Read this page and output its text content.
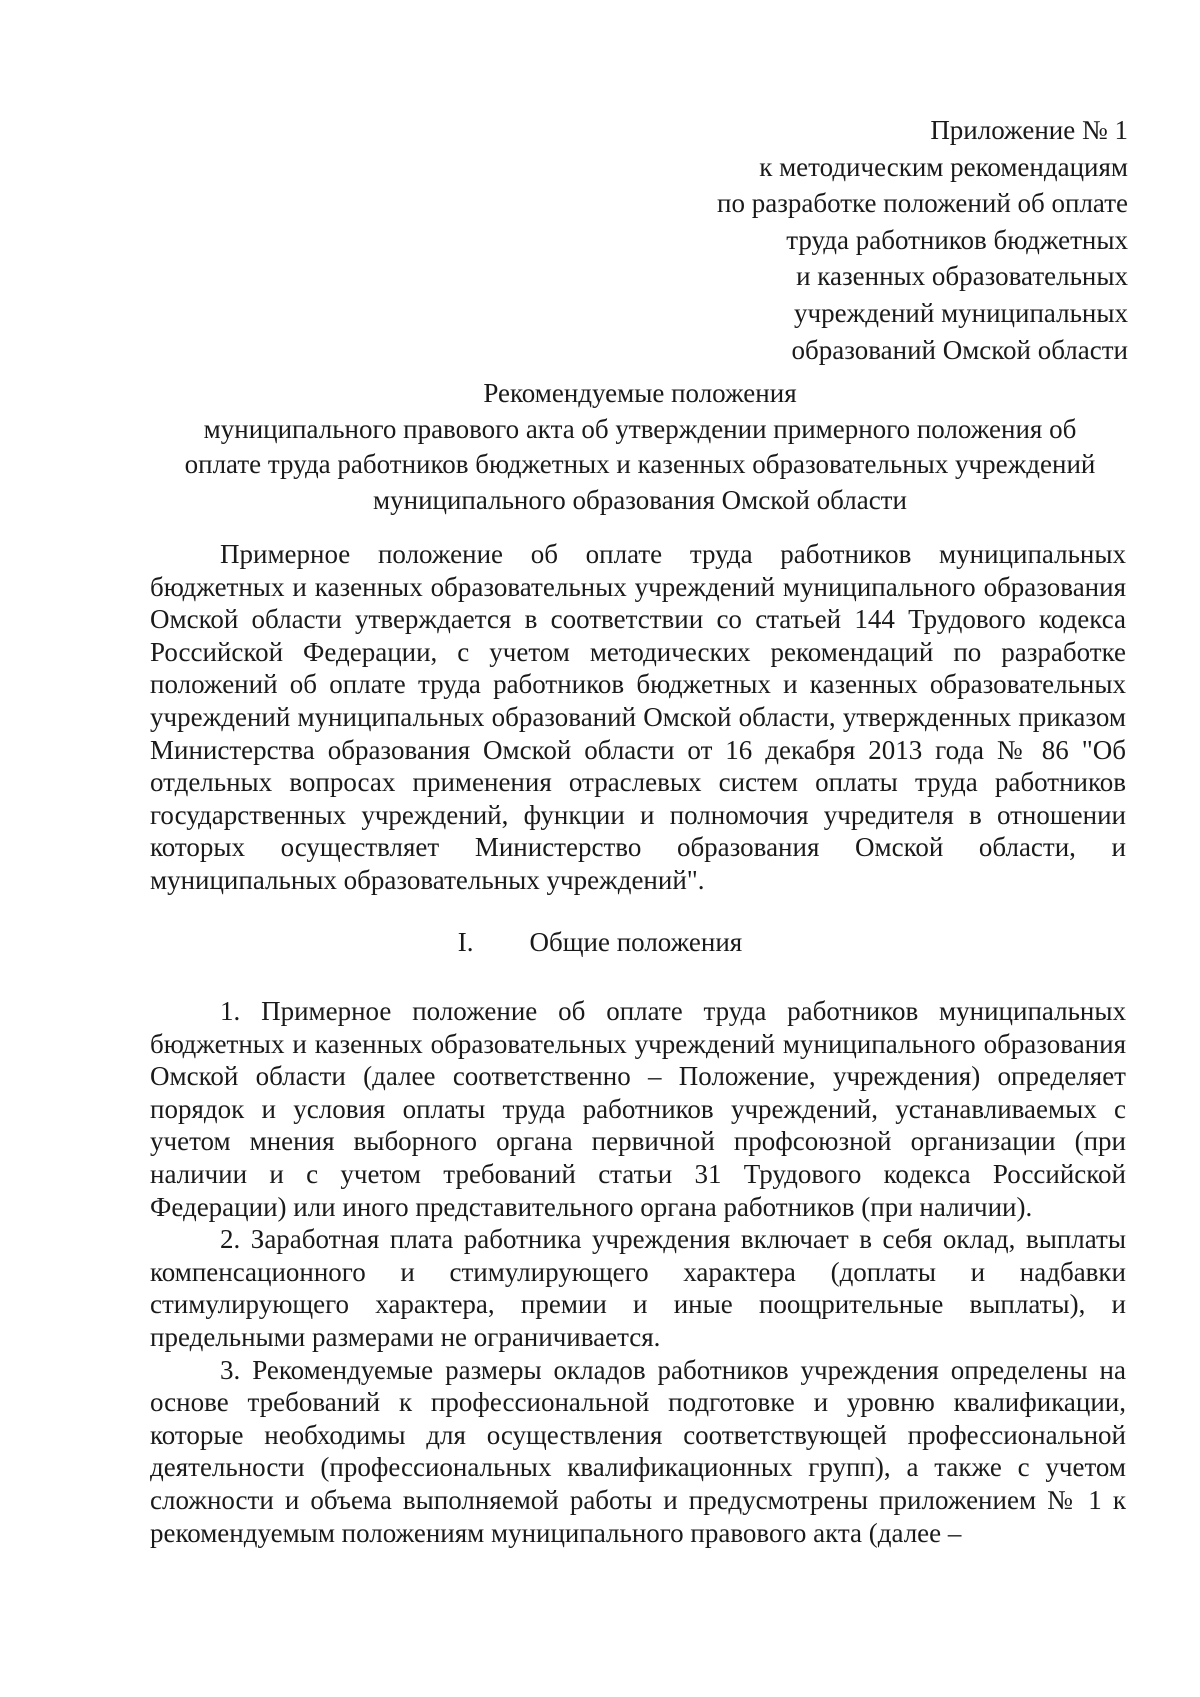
Приложение № 1
к методическим рекомендациям
по разработке положений об оплате
труда работников бюджетных
и казенных образовательных
учреждений муниципальных
образований Омской области
Рекомендуемые положения
муниципального правового акта об утверждении примерного положения об
оплате труда работников бюджетных и казенных образовательных учреждений
муниципального образования Омской области

Примерное положение об оплате труда работников муниципальных бюджетных и казенных образовательных учреждений муниципального образования Омской области утверждается в соответствии со статьей 144 Трудового кодекса Российской Федерации, с учетом методических рекомендаций по разработке положений об оплате труда работников бюджетных и казенных образовательных учреждений муниципальных образований Омской области, утвержденных приказом Министерства образования Омской области от 16 декабря 2013 года № 86 "Об отдельных вопросах применения отраслевых систем оплаты труда работников государственных учреждений, функции и полномочия учредителя в отношении которых осуществляет Министерство образования Омской области, и муниципальных образовательных учреждений".

I. Общие положения

1. Примерное положение об оплате труда работников муниципальных бюджетных и казенных образовательных учреждений муниципального образования Омской области (далее соответственно – Положение, учреждения) определяет порядок и условия оплаты труда работников учреждений, устанавливаемых с учетом мнения выборного органа первичной профсоюзной организации (при наличии и с учетом требований статьи 31 Трудового кодекса Российской Федерации) или иного представительного органа работников (при наличии).

2. Заработная плата работника учреждения включает в себя оклад, выплаты компенсационного и стимулирующего характера (доплаты и надбавки стимулирующего характера, премии и иные поощрительные выплаты), и предельными размерами не ограничивается.

3. Рекомендуемые размеры окладов работников учреждения определены на основе требований к профессиональной подготовке и уровню квалификации, которые необходимы для осуществления соответствующей профессиональной деятельности (профессиональных квалификационных групп), а также с учетом сложности и объема выполняемой работы и предусмотрены приложением № 1 к рекомендуемым положениям муниципального правового акта (далее –
